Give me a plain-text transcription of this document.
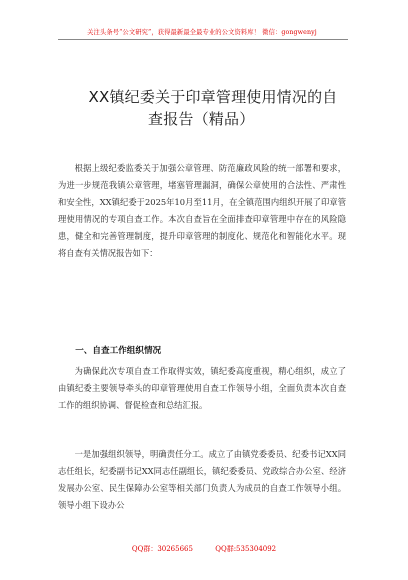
关注头条号“公文研究”，获得最新最全最专业的公文资料库！ 微信：gongwenyj
XX镇纪委关于印章管理使用情况的自
查报告（精品）

根据上级纪委监委关于加强公章管理、防范廉政风险的统一部署和要求，为进一步规范我镇公章管理，堵塞管理漏洞，确保公章使用的合法性、严肃性和安全性，XX镇纪委于2025年10月至11月，在全镇范围内组织开展了印章管理使用情况的专项自查工作。本次自查旨在全面排查印章管理中存在的风险隐患，健全和完善管理制度，提升印章管理的制度化、规范化和智能化水平。现将自查有关情况报告如下：

一、自查工作组织情况

为确保此次专项自查工作取得实效，镇纪委高度重视，精心组织，成立了由镇纪委主要领导牵头的印章管理使用自查工作领导小组，全面负责本次自查工作的组织协调、督促检查和总结汇报。

一是加强组织领导，明确责任分工。成立了由镇党委委员、纪委书记XX同志任组长，纪委副书记XX同志任副组长，镇纪委委员、党政综合办公室、经济发展办公室、民生保障办公室等相关部门负责人为成员的自查工作领导小组。领导小组下设办公

QQ群：30265665	QQ群:535304092
